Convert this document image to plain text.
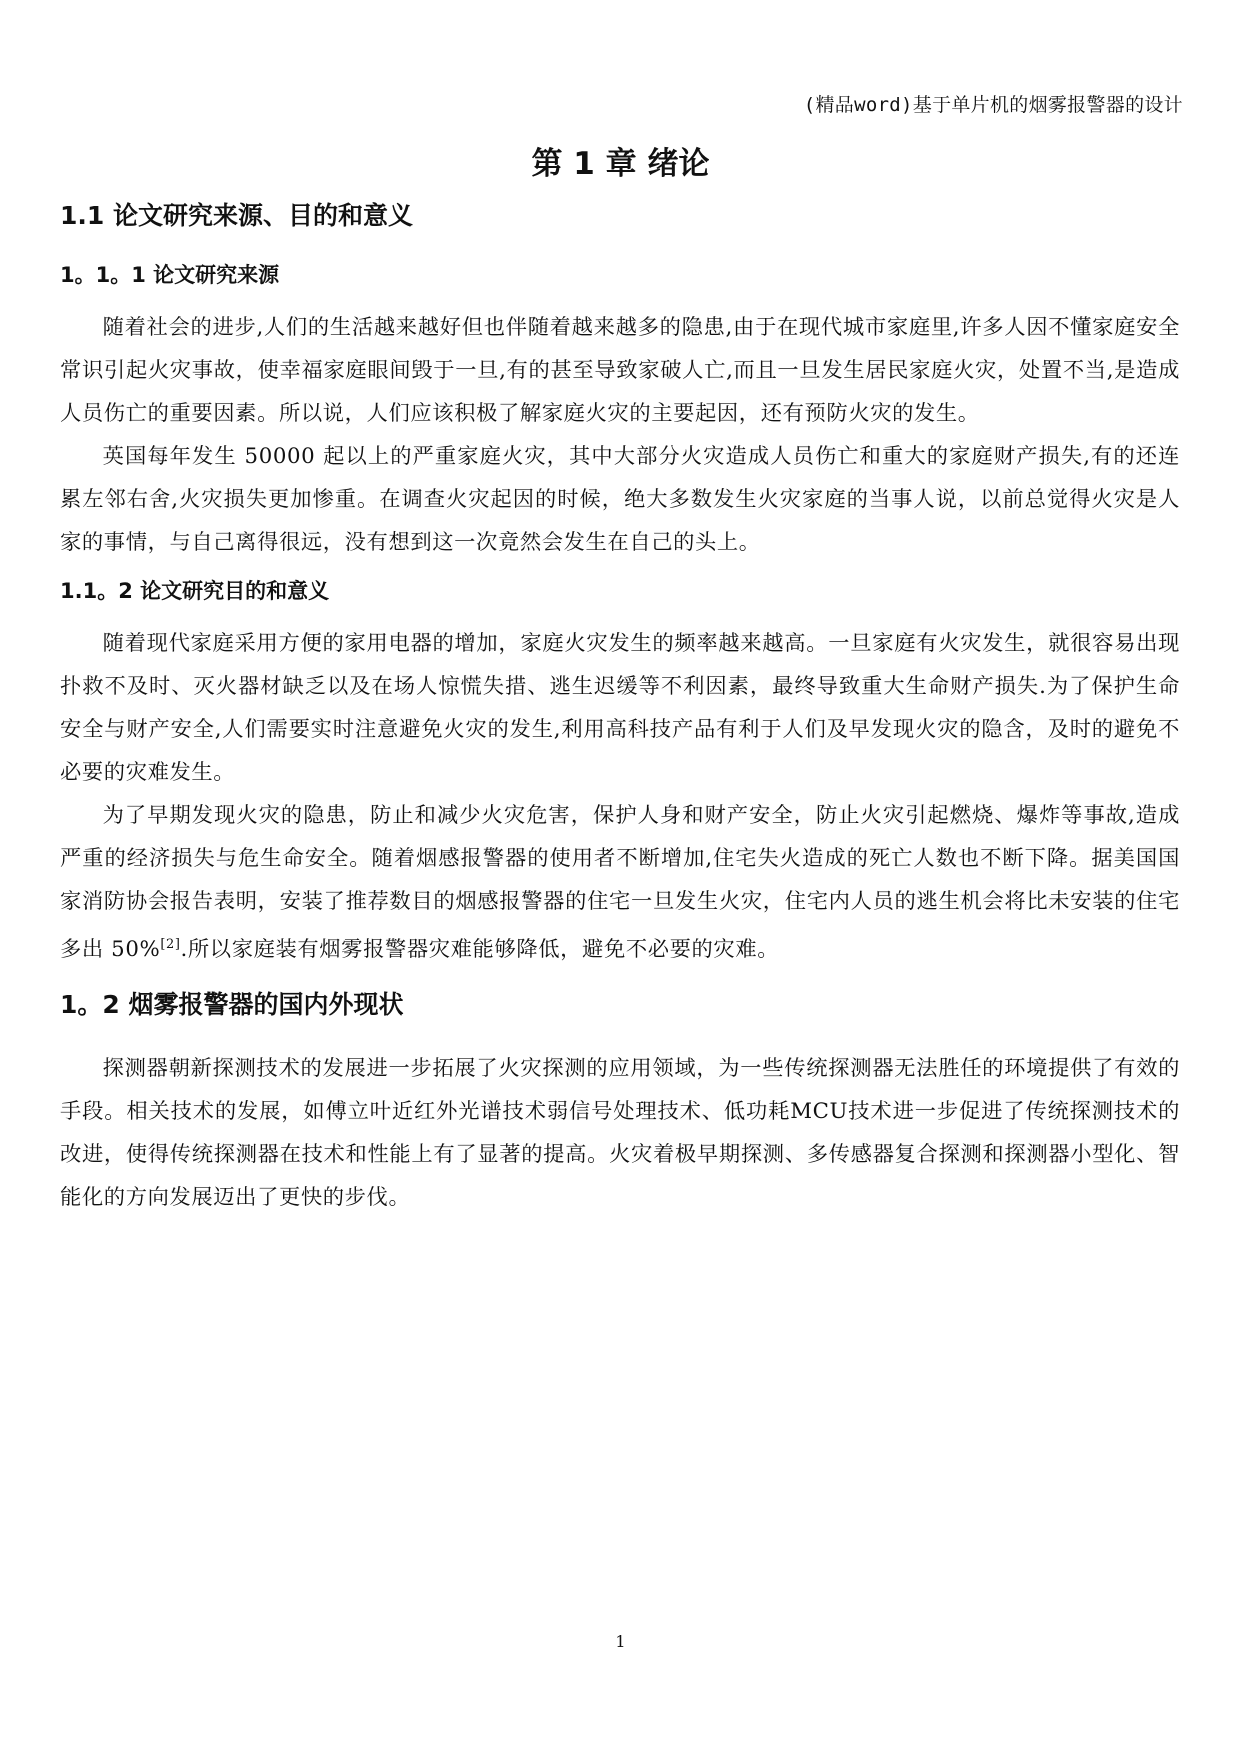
(精品word)基于单片机的烟雾报警器的设计
第 1 章 绪论
1.1 论文研究来源、目的和意义
1。1。1 论文研究来源

随着社会的进步,人们的生活越来越好但也伴随着越来越多的隐患,由于在现代城市家庭里,许多人因不懂家庭安全常识引起火灾事故，使幸福家庭眼间毁于一旦,有的甚至导致家破人亡,而且一旦发生居民家庭火灾，处置不当,是造成人员伤亡的重要因素。所以说，人们应该积极了解家庭火灾的主要起因，还有预防火灾的发生。

英国每年发生 50000 起以上的严重家庭火灾，其中大部分火灾造成人员伤亡和重大的家庭财产损失,有的还连累左邻右舍,火灾损失更加惨重。在调查火灾起因的时候，绝大多数发生火灾家庭的当事人说，以前总觉得火灾是人家的事情，与自己离得很远，没有想到这一次竟然会发生在自己的头上。

1.1。2 论文研究目的和意义

随着现代家庭采用方便的家用电器的增加，家庭火灾发生的频率越来越高。一旦家庭有火灾发生，就很容易出现扑救不及时、灭火器材缺乏以及在场人惊慌失措、逃生迟缓等不利因素，最终导致重大生命财产损失.为了保护生命安全与财产安全,人们需要实时注意避免火灾的发生,利用高科技产品有利于人们及早发现火灾的隐含，及时的避免不必要的灾难发生。

为了早期发现火灾的隐患，防止和减少火灾危害，保护人身和财产安全，防止火灾引起燃烧、爆炸等事故,造成严重的经济损失与危生命安全。随着烟感报警器的使用者不断增加,住宅失火造成的死亡人数也不断下降。据美国国家消防协会报告表明，安装了推荐数目的烟感报警器的住宅一旦发生火灾，住宅内人员的逃生机会将比未安装的住宅多出 50%[2].所以家庭装有烟雾报警器灾难能够降低，避免不必要的灾难。

1。2 烟雾报警器的国内外现状

探测器朝新探测技术的发展进一步拓展了火灾探测的应用领域，为一些传统探测器无法胜任的环境提供了有效的手段。相关技术的发展，如傅立叶近红外光谱技术弱信号处理技术、低功耗MCU技术进一步促进了传统探测技术的改进，使得传统探测器在技术和性能上有了显著的提高。火灾着极早期探测、多传感器复合探测和探测器小型化、智能化的方向发展迈出了更快的步伐。

1
